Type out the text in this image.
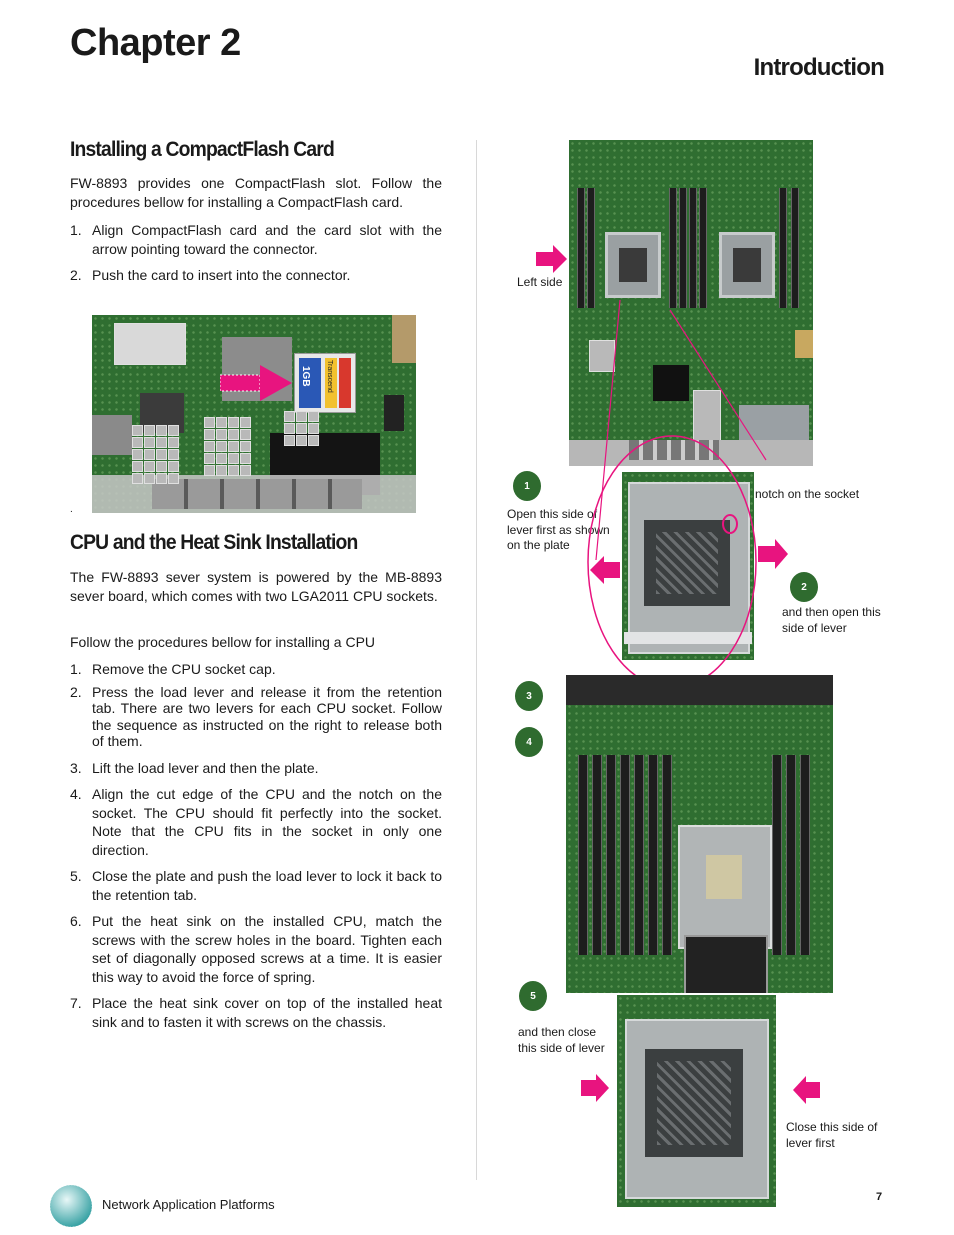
Chapter 2
Introduction
Installing a CompactFlash Card

FW-8893 provides one CompactFlash slot. Follow the procedures bellow for installing a CompactFlash card.

1. Align CompactFlash card and the card slot with the arrow pointing toward the connector.
2. Push the card to insert into the connector.
1GB Transcend
.
CPU and the Heat Sink Installation

The FW-8893 sever system is powered by the MB-8893 sever board, which comes with two LGA2011 CPU sockets.

Follow the procedures bellow for installing a CPU

1. Remove the CPU socket cap.
2. Press the load lever and release it from the retention tab. There are two levers for each CPU socket. Follow the sequence as instructed on the right to release both of them.
3. Lift the load lever and then the plate.
4. Align the cut edge of the CPU and the notch on the socket. The CPU should fit perfectly into the socket. Note that the CPU fits in the socket in only one direction.
5. Close the plate and push the load lever to lock it back to the retention tab.
6. Put the heat sink on the installed CPU, match the screws with the screw holes in the board. Tighten each set of diagonally opposed screws at a time. It is easier this way to avoid the force of spring.
7. Place the heat sink cover on top of the installed heat sink and to fasten it with screws on the chassis.
Left side
notch on the socket
1
Open this side of lever first as shown on the plate
2
and then open this side of lever
3
4
5
and then close this side of lever
Close this side of lever first
Network Application Platforms	7
